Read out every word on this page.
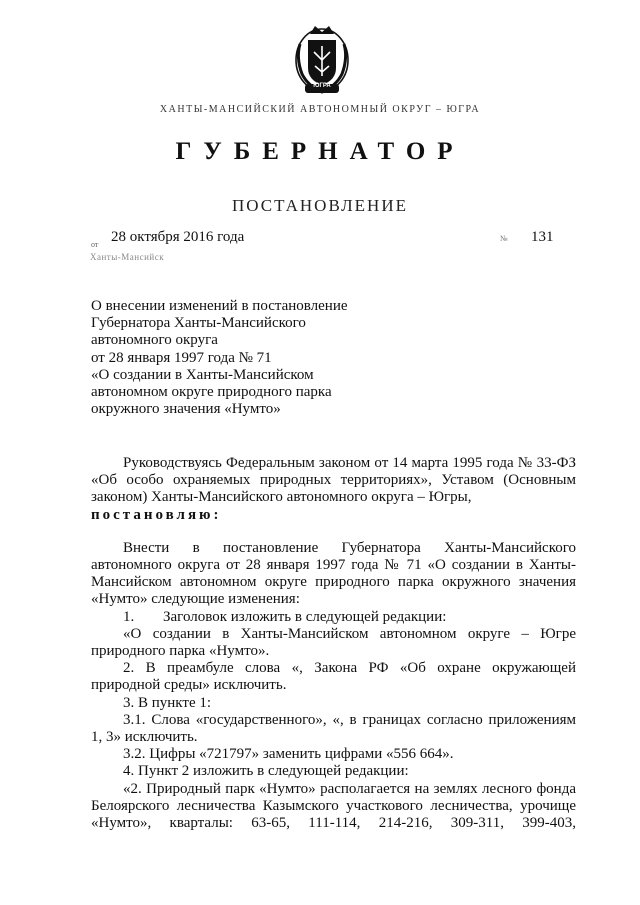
ЮГРА
ХАНТЫ-МАНСИЙСКИЙ АВТОНОМНЫЙ ОКРУГ – ЮГРА
ГУБЕРНАТОР
ПОСТАНОВЛЕНИЕ
от 28 октября 2016 года	№ 131
Ханты-Мансийск
О внесении изменений в постановление
Губернатора Ханты-Мансийского
автономного округа
от 28 января 1997 года № 71
«О создании в Ханты-Мансийском
автономном округе природного парка
окружного значения «Нумто»

Руководствуясь Федеральным законом от 14 марта 1995 года № 33-ФЗ «Об особо охраняемых природных территориях», Уставом (Основным законом) Ханты-Мансийского автономного округа – Югры,

постановляю:

Внести в постановление Губернатора Ханты-Мансийского автономного округа от 28 января 1997 года № 71 «О создании в Ханты-Мансийском автономном округе природного парка окружного значения «Нумто» следующие изменения:

1. Заголовок изложить в следующей редакции:

«О создании в Ханты-Мансийском автономном округе – Югре природного парка «Нумто».

2. В преамбуле слова «, Закона РФ «Об охране окружающей природной среды» исключить.

3. В пункте 1:

3.1. Слова «государственного», «, в границах согласно приложениям 1, 3» исключить.

3.2. Цифры «721797» заменить цифрами «556 664».

4. Пункт 2 изложить в следующей редакции:

«2. Природный парк «Нумто» располагается на землях лесного фонда Белоярского лесничества Казымского участкового лесничества, урочище «Нумто», кварталы: 63-65, 111-114, 214-216, 309-311, 399-403,
